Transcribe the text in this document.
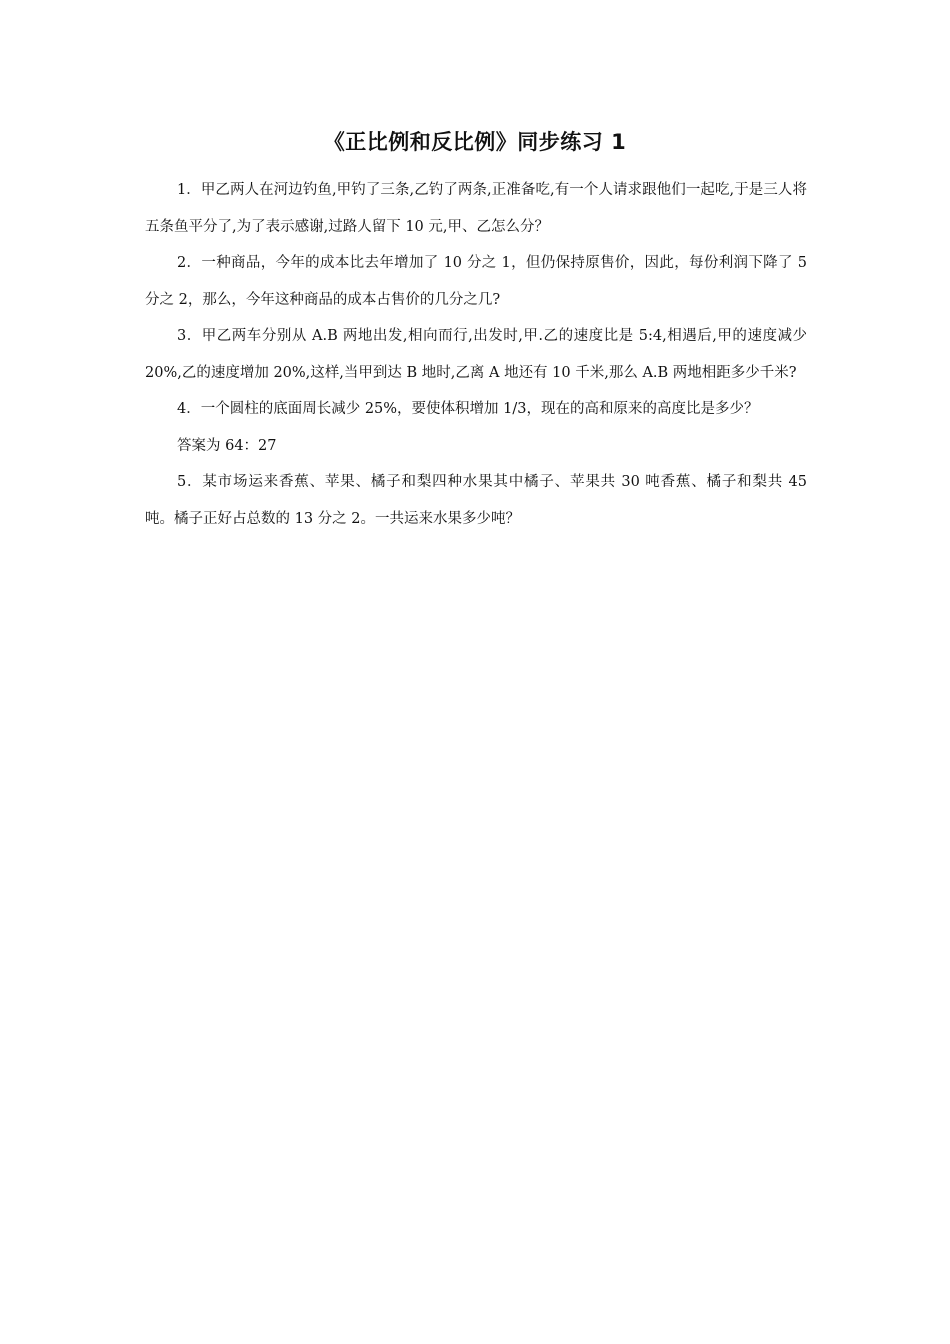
《正比例和反比例》同步练习 1

1．甲乙两人在河边钓鱼,甲钓了三条,乙钓了两条,正准备吃,有一个人请求跟他们一起吃,于是三人将五条鱼平分了,为了表示感谢,过路人留下 10 元,甲、乙怎么分？

2．一种商品，今年的成本比去年增加了 10 分之 1，但仍保持原售价，因此，每份利润下降了 5 分之 2，那么，今年这种商品的成本占售价的几分之几?

3．甲乙两车分别从 A.B 两地出发,相向而行,出发时,甲.乙的速度比是 5:4,相遇后,甲的速度减少 20%,乙的速度增加 20%,这样,当甲到达 B 地时,乙离 A 地还有 10 千米,那么 A.B 两地相距多少千米?

4．一个圆柱的底面周长减少 25%，要使体积增加 1/3，现在的高和原来的高度比是多少？

答案为 64：27

5．某市场运来香蕉、苹果、橘子和梨四种水果其中橘子、苹果共 30 吨香蕉、橘子和梨共 45 吨。橘子正好占总数的 13 分之 2。一共运来水果多少吨？
